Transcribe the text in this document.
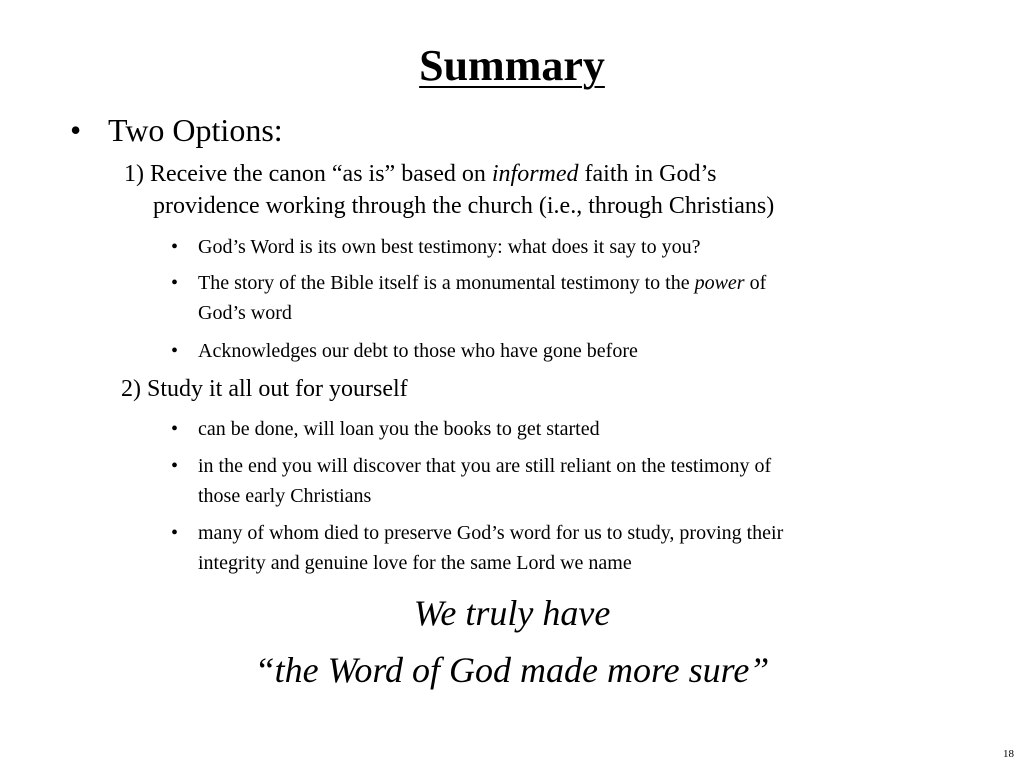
Summary
• Two Options:
1) Receive the canon “as is” based on informed faith in God’s
providence working through the church (i.e., through Christians)
• God’s Word is its own best testimony: what does it say to you?
• The story of the Bible itself is a monumental testimony to the power of
God’s word
• Acknowledges our debt to those who have gone before
2) Study it all out for yourself
• can be done, will loan you the books to get started
• in the end you will discover that you are still reliant on the testimony of
those early Christians
• many of whom died to preserve God’s word for us to study, proving their
integrity and genuine love for the same Lord we name
We truly have
“the Word of God made more sure”
18
